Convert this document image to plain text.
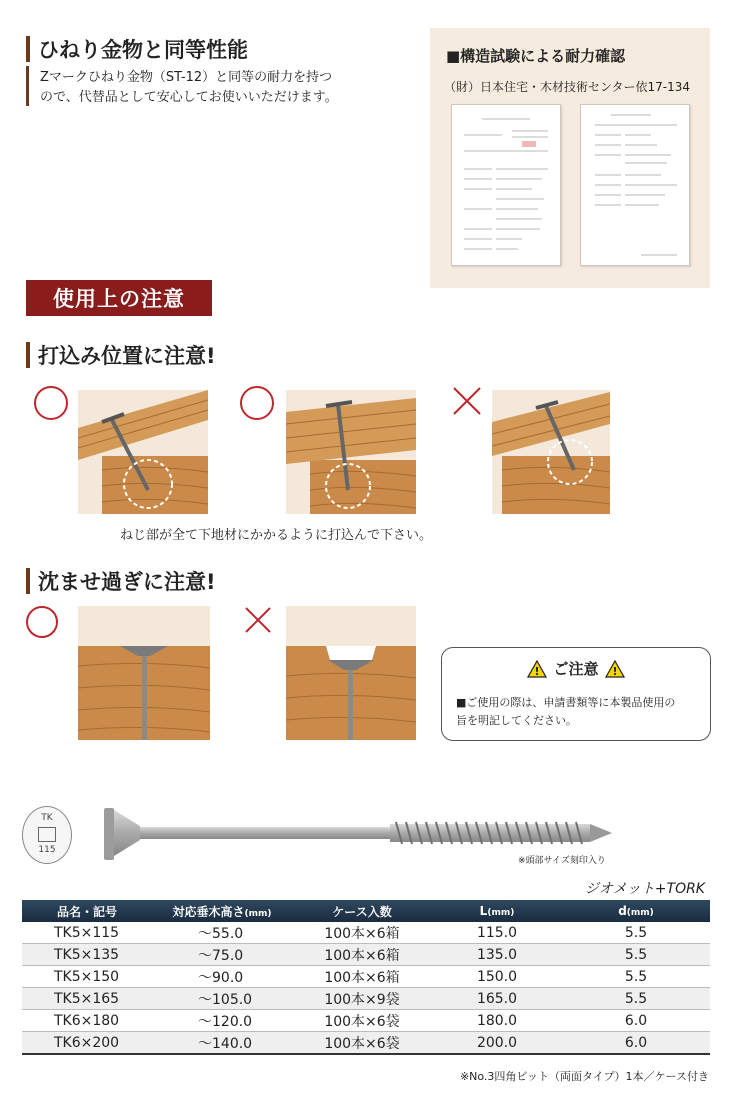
ひねり金物と同等性能
Zマークひねり金物（ST-12）と同等の耐力を持つ
ので、代替品として安心してお使いいただけます。
■構造試験による耐力確認
（財）日本住宅・木材技術センター依17-134
使用上の注意
打込み位置に注意!
ねじ部が全て下地材にかかるように打込んで下さい。
沈ませ過ぎに注意!
! ご注意 !
■ご使用の際は、申請書類等に本製品使用の
旨を明記してください。
TK
115
※頭部サイズ刻印入り
ジオメット+TORK
品名・記号	対応垂木高さ(mm)	ケース入数	L(mm)	d(mm)
TK5×115	～55.0	100本×6箱	115.0	5.5
TK5×135	～75.0	100本×6箱	135.0	5.5
TK5×150	～90.0	100本×6箱	150.0	5.5
TK5×165	～105.0	100本×9袋	165.0	5.5
TK6×180	～120.0	100本×6袋	180.0	6.0
TK6×200	～140.0	100本×6袋	200.0	6.0
※No.3四角ビット（両面タイプ）1本／ケース付き
